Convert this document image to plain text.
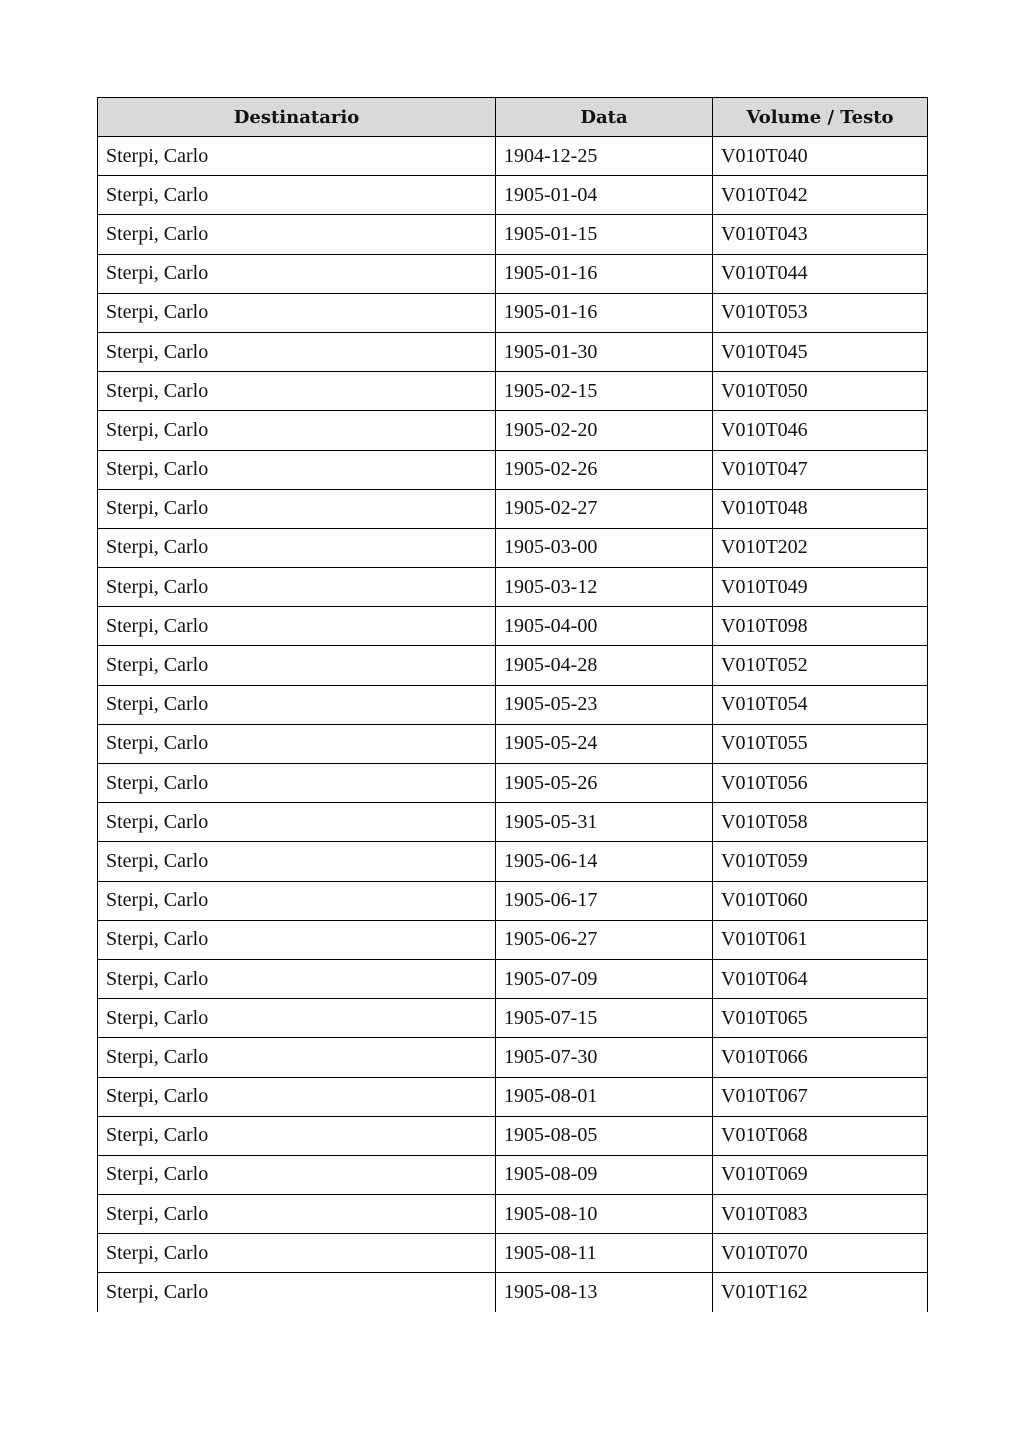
Destinatario	Data	Volume / Testo
Sterpi, Carlo	1904-12-25	V010T040
Sterpi, Carlo	1905-01-04	V010T042
Sterpi, Carlo	1905-01-15	V010T043
Sterpi, Carlo	1905-01-16	V010T044
Sterpi, Carlo	1905-01-16	V010T053
Sterpi, Carlo	1905-01-30	V010T045
Sterpi, Carlo	1905-02-15	V010T050
Sterpi, Carlo	1905-02-20	V010T046
Sterpi, Carlo	1905-02-26	V010T047
Sterpi, Carlo	1905-02-27	V010T048
Sterpi, Carlo	1905-03-00	V010T202
Sterpi, Carlo	1905-03-12	V010T049
Sterpi, Carlo	1905-04-00	V010T098
Sterpi, Carlo	1905-04-28	V010T052
Sterpi, Carlo	1905-05-23	V010T054
Sterpi, Carlo	1905-05-24	V010T055
Sterpi, Carlo	1905-05-26	V010T056
Sterpi, Carlo	1905-05-31	V010T058
Sterpi, Carlo	1905-06-14	V010T059
Sterpi, Carlo	1905-06-17	V010T060
Sterpi, Carlo	1905-06-27	V010T061
Sterpi, Carlo	1905-07-09	V010T064
Sterpi, Carlo	1905-07-15	V010T065
Sterpi, Carlo	1905-07-30	V010T066
Sterpi, Carlo	1905-08-01	V010T067
Sterpi, Carlo	1905-08-05	V010T068
Sterpi, Carlo	1905-08-09	V010T069
Sterpi, Carlo	1905-08-10	V010T083
Sterpi, Carlo	1905-08-11	V010T070
Sterpi, Carlo	1905-08-13	V010T162
